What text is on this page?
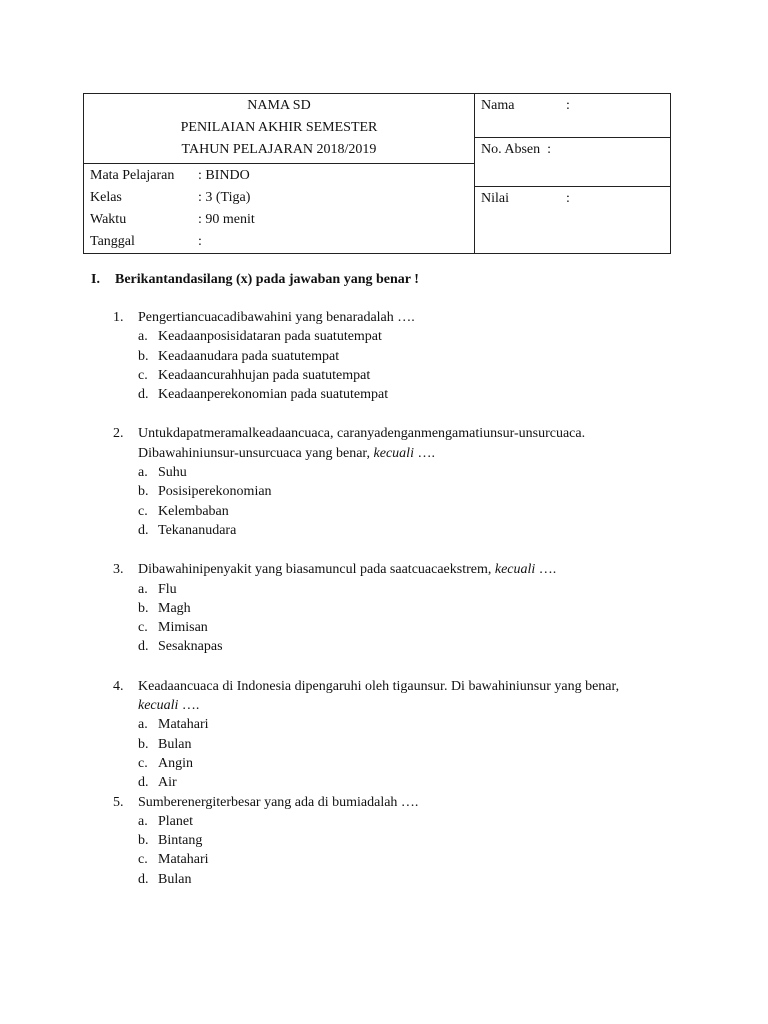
NAMA SD
PENILAIAN AKHIR SEMESTER
TAHUN PELAJARAN 2018/2019
	Nama	:
No. Absen :

Mata Pelajaran	: BINDO
Kelas	: 3 (Tiga)
Waktu	: 90 menit
Tanggal	:

Nilai	:
I. Berikantandasilang (x) pada jawaban yang benar !
1.	Pengertiancuacadibawahini yang benaradalah ….
a. Keadaanposisidataran pada suatutempat
b. Keadaanudara pada suatutempat
c. Keadaancurahhujan pada suatutempat
d. Keadaanperekonomian pada suatutempat
2.	Untukdapatmeramalkeadaancuaca, caranyadenganmengamatiunsur-unsurcuaca.
Dibawahiniunsur-unsurcuaca yang benar, kecuali ….
a. Suhu
b. Posisiperekonomian
c. Kelembaban
d. Tekananudara
3.	Dibawahinipenyakit yang biasamuncul pada saatcuacaekstrem, kecuali ….
a. Flu
b. Magh
c. Mimisan
d. Sesaknapas
4.	Keadaancuaca di Indonesia dipengaruhi oleh tigaunsur. Di bawahiniunsur yang benar,
kecuali ….
a. Matahari
b. Bulan
c. Angin
d. Air
5.	Sumberenergiterbesar yang ada di bumiadalah ….
a. Planet
b. Bintang
c. Matahari
d. Bulan
